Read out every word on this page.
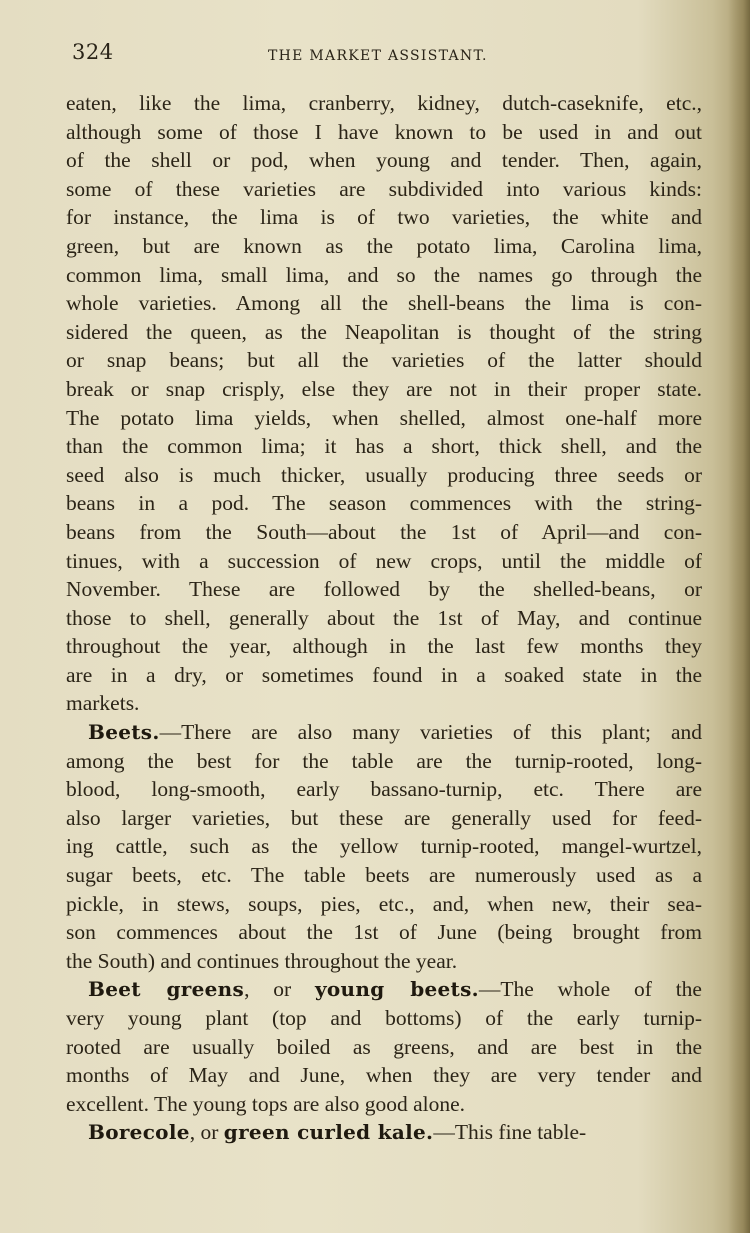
324	THE MARKET ASSISTANT.
eaten, like the lima, cranberry, kidney, dutch-caseknife, etc.,
although some of those I have known to be used in and out
of the shell or pod, when young and tender. Then, again,
some of these varieties are subdivided into various kinds:
for instance, the lima is of two varieties, the white and
green, but are known as the potato lima, Carolina lima,
common lima, small lima, and so the names go through the
whole varieties. Among all the shell-beans the lima is con-
sidered the queen, as the Neapolitan is thought of the string
or snap beans; but all the varieties of the latter should
break or snap crisply, else they are not in their proper state.
The potato lima yields, when shelled, almost one-half more
than the common lima; it has a short, thick shell, and the
seed also is much thicker, usually producing three seeds or
beans in a pod. The season commences with the string-
beans from the South—about the 1st of April—and con-
tinues, with a succession of new crops, until the middle of
November. These are followed by the shelled-beans, or
those to shell, generally about the 1st of May, and continue
throughout the year, although in the last few months they
are in a dry, or sometimes found in a soaked state in the
markets.
Beets.—There are also many varieties of this plant; and
among the best for the table are the turnip-rooted, long-
blood, long-smooth, early bassano-turnip, etc. There are
also larger varieties, but these are generally used for feed-
ing cattle, such as the yellow turnip-rooted, mangel-wurtzel,
sugar beets, etc. The table beets are numerously used as a
pickle, in stews, soups, pies, etc., and, when new, their sea-
son commences about the 1st of June (being brought from
the South) and continues throughout the year.
Beet greens, or young beets.—The whole of the
very young plant (top and bottoms) of the early turnip-
rooted are usually boiled as greens, and are best in the
months of May and June, when they are very tender and
excellent. The young tops are also good alone.
Borecole, or green curled kale.—This fine table-
